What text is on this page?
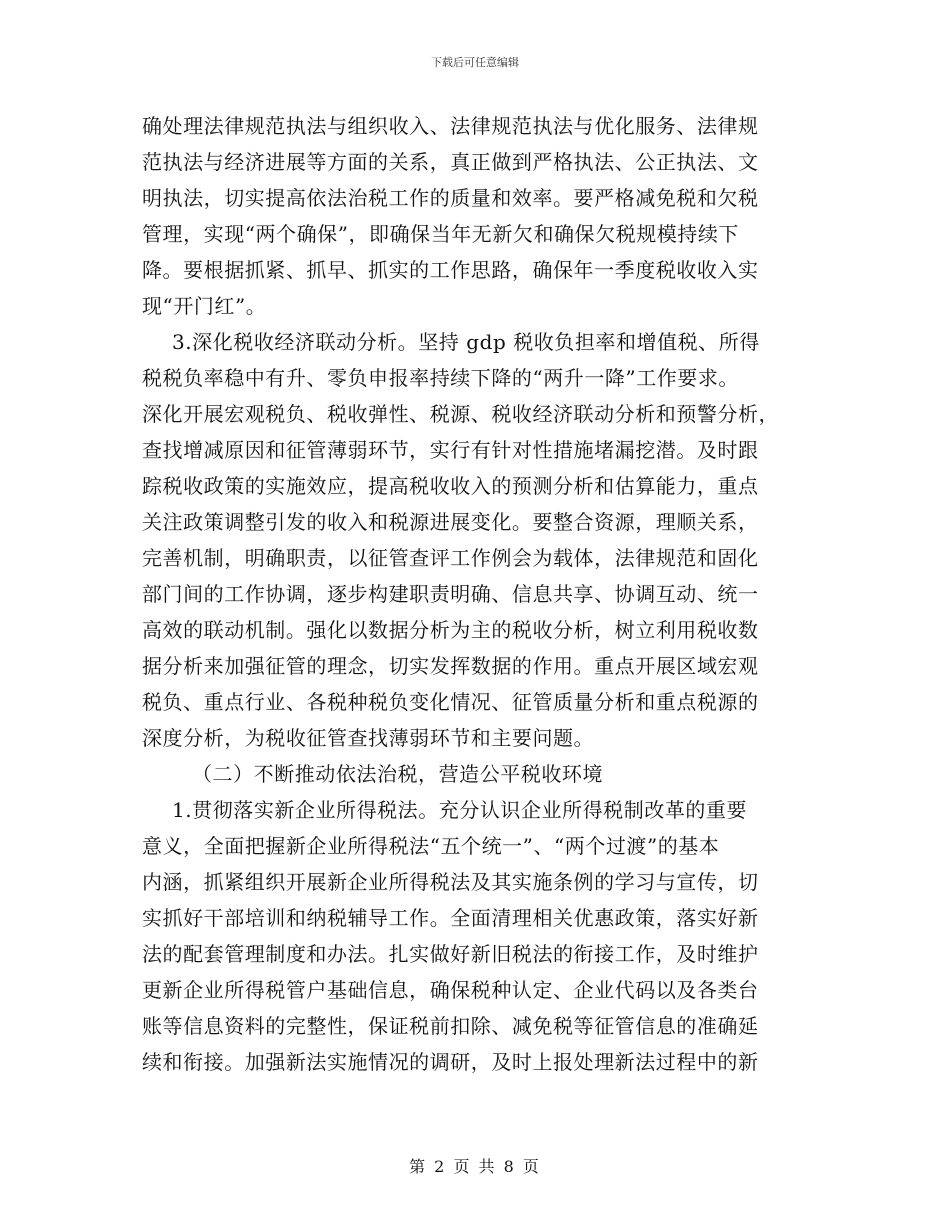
下载后可任意编辑
确处理法律规范执法与组织收入、法律规范执法与优化服务、法律规
范执法与经济进展等方面的关系，真正做到严格执法、公正执法、文
明执法，切实提高依法治税工作的质量和效率。要严格减免税和欠税
管理，实现“两个确保”，即确保当年无新欠和确保欠税规模持续下
降。要根据抓紧、抓早、抓实的工作思路，确保年一季度税收收入实
现“开门红”。
3.深化税收经济联动分析。坚持 gdp 税收负担率和增值税、所得
税税负率稳中有升、零负申报率持续下降的“两升一降”工作要求。
深化开展宏观税负、税收弹性、税源、税收经济联动分析和预警分析，
查找增减原因和征管薄弱环节，实行有针对性措施堵漏挖潜。及时跟
踪税收政策的实施效应，提高税收收入的预测分析和估算能力，重点
关注政策调整引发的收入和税源进展变化。要整合资源，理顺关系，
完善机制，明确职责，以征管查评工作例会为载体，法律规范和固化
部门间的工作协调，逐步构建职责明确、信息共享、协调互动、统一
高效的联动机制。强化以数据分析为主的税收分析，树立利用税收数
据分析来加强征管的理念，切实发挥数据的作用。重点开展区域宏观
税负、重点行业、各税种税负变化情况、征管质量分析和重点税源的
深度分析，为税收征管查找薄弱环节和主要问题。
（二）不断推动依法治税，营造公平税收环境
1.贯彻落实新企业所得税法。充分认识企业所得税制改革的重要
意义，全面把握新企业所得税法“五个统一”、“两个过渡”的基本
内涵，抓紧组织开展新企业所得税法及其实施条例的学习与宣传，切
实抓好干部培训和纳税辅导工作。全面清理相关优惠政策，落实好新
法的配套管理制度和办法。扎实做好新旧税法的衔接工作，及时维护
更新企业所得税管户基础信息，确保税种认定、企业代码以及各类台
账等信息资料的完整性，保证税前扣除、减免税等征管信息的准确延
续和衔接。加强新法实施情况的调研，及时上报处理新法过程中的新
第 2 页 共 8 页
